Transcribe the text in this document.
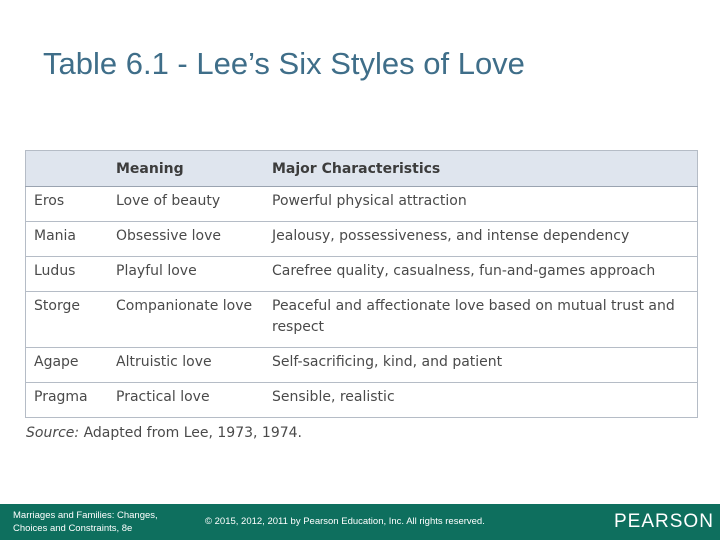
Table 6.1 - Lee’s Six Styles of Love
	Meaning	Major Characteristics
Eros	Love of beauty	Powerful physical attraction
Mania	Obsessive love	Jealousy, possessiveness, and intense dependency
Ludus	Playful love	Carefree quality, casualness, fun-and-games approach
Storge	Companionate love	Peaceful and affectionate love based on mutual trust and respect
Agape	Altruistic love	Self-sacrificing, kind, and patient
Pragma	Practical love	Sensible, realistic
Source: Adapted from Lee, 1973, 1974.
Marriages and Families: Changes,
Choices and Constraints, 8e
© 2015, 2012, 2011 by Pearson Education, Inc. All rights reserved.	PEARSON
